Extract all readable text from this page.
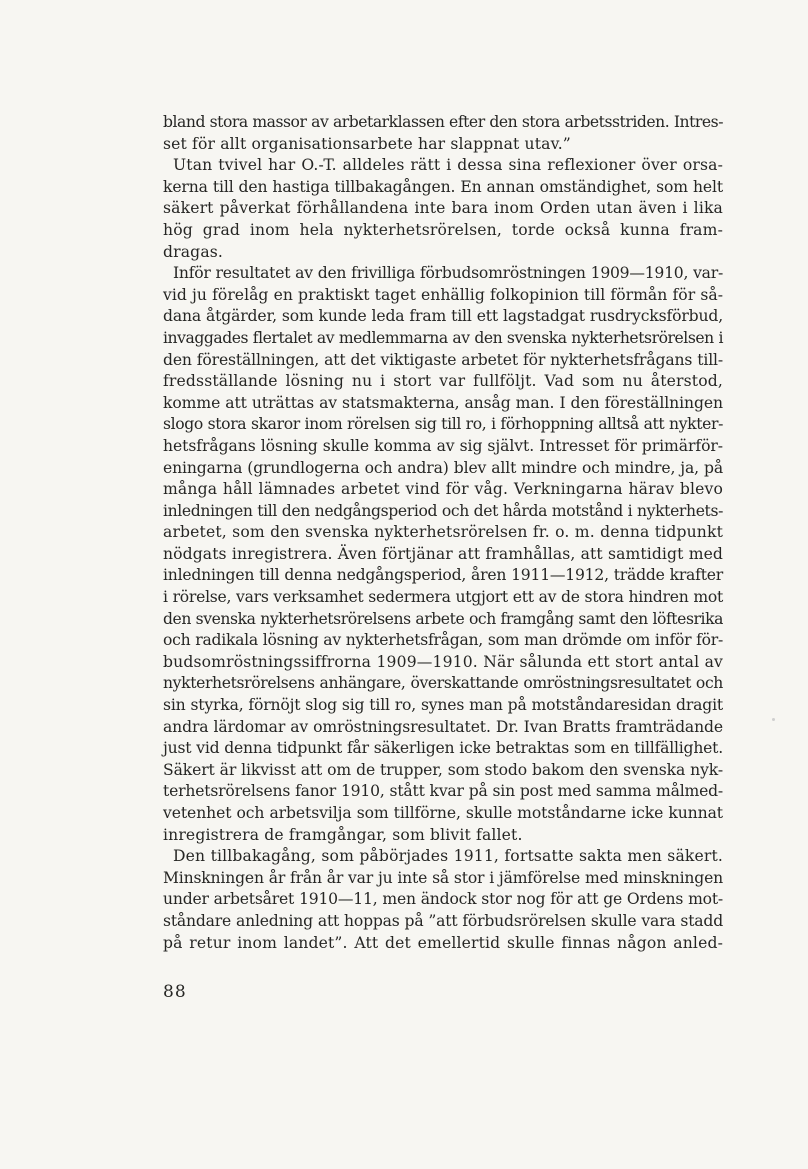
bland stora massor av arbetarklassen efter den stora arbetsstriden. Intres-
set för allt organisationsarbete har slappnat utav.”
Utan tvivel har O.-T. alldeles rätt i dessa sina reflexioner över orsa-
kerna till den hastiga tillbakagången. En annan omständighet, som helt
säkert påverkat förhållandena inte bara inom Orden utan även i lika
hög grad inom hela nykterhetsrörelsen, torde också kunna fram-
dragas.
Inför resultatet av den frivilliga förbudsomröstningen 1909—1910, var-
vid ju förelåg en praktiskt taget enhällig folkopinion till förmån för så-
dana åtgärder, som kunde leda fram till ett lagstadgat rusdrycksförbud,
invaggades flertalet av medlemmarna av den svenska nykterhetsrörelsen i
den föreställningen, att det viktigaste arbetet för nykterhetsfrågans till-
fredsställande lösning nu i stort var fullföljt. Vad som nu återstod,
komme att uträttas av statsmakterna, ansåg man. I den föreställningen
slogo stora skaror inom rörelsen sig till ro, i förhoppning alltså att nykter-
hetsfrågans lösning skulle komma av sig självt. Intresset för primärför-
eningarna (grundlogerna och andra) blev allt mindre och mindre, ja, på
många håll lämnades arbetet vind för våg. Verkningarna härav blevo
inledningen till den nedgångsperiod och det hårda motstånd i nykterhets-
arbetet, som den svenska nykterhetsrörelsen fr. o. m. denna tidpunkt
nödgats inregistrera. Även förtjänar att framhållas, att samtidigt med
inledningen till denna nedgångsperiod, åren 1911—1912, trädde krafter
i rörelse, vars verksamhet sedermera utgjort ett av de stora hindren mot
den svenska nykterhetsrörelsens arbete och framgång samt den löftesrika
och radikala lösning av nykterhetsfrågan, som man drömde om inför för-
budsomröstningssiffrorna 1909—1910. När sålunda ett stort antal av
nykterhetsrörelsens anhängare, överskattande omröstningsresultatet och
sin styrka, förnöjt slog sig till ro, synes man på motståndaresidan dragit
andra lärdomar av omröstningsresultatet. Dr. Ivan Bratts framträdande
just vid denna tidpunkt får säkerligen icke betraktas som en tillfällighet.
Säkert är likvisst att om de trupper, som stodo bakom den svenska nyk-
terhetsrörelsens fanor 1910, stått kvar på sin post med samma målmed-
vetenhet och arbetsvilja som tillförne, skulle motståndarne icke kunnat
inregistrera de framgångar, som blivit fallet.
Den tillbakagång, som påbörjades 1911, fortsatte sakta men säkert.
Minskningen år från år var ju inte så stor i jämförelse med minskningen
under arbetsåret 1910—11, men ändock stor nog för att ge Ordens mot-
ståndare anledning att hoppas på ”att förbudsrörelsen skulle vara stadd
på retur inom landet”. Att det emellertid skulle finnas någon anled-
88
